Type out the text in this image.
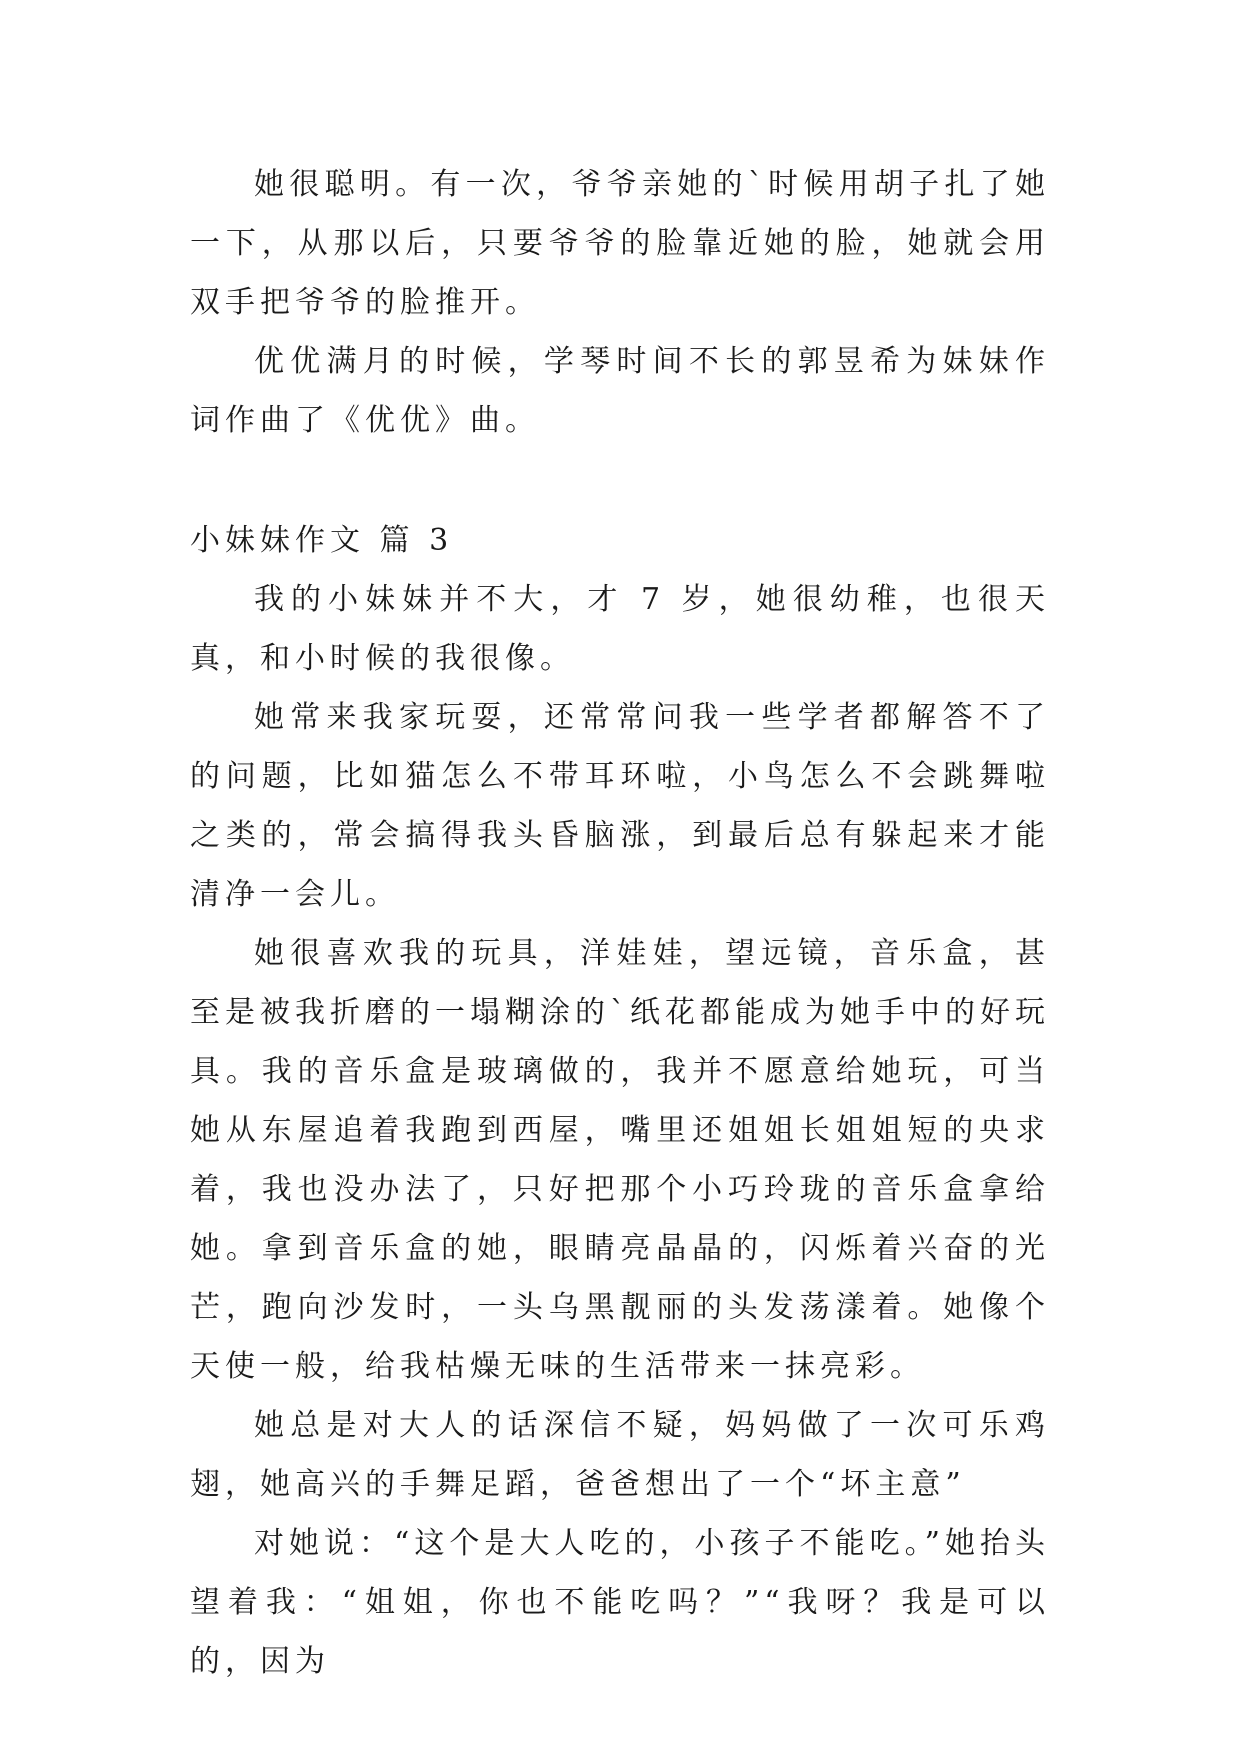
她很聪明。有一次，爷爷亲她的`时候用胡子扎了她一下，从那以后，只要爷爷的脸靠近她的脸，她就会用双手把爷爷的脸推开。

优优满月的时候，学琴时间不长的郭昱希为妹妹作词作曲了《优优》曲。

小妹妹作文 篇 3

我的小妹妹并不大，才 7 岁，她很幼稚，也很天真，和小时候的我很像。

她常来我家玩耍，还常常问我一些学者都解答不了的问题，比如猫怎么不带耳环啦，小鸟怎么不会跳舞啦之类的，常会搞得我头昏脑涨，到最后总有躲起来才能清净一会儿。

她很喜欢我的玩具，洋娃娃，望远镜，音乐盒，甚至是被我折磨的一塌糊涂的`纸花都能成为她手中的好玩具。我的音乐盒是玻璃做的，我并不愿意给她玩，可当她从东屋追着我跑到西屋，嘴里还姐姐长姐姐短的央求着，我也没办法了，只好把那个小巧玲珑的音乐盒拿给她。拿到音乐盒的她，眼睛亮晶晶的，闪烁着兴奋的光芒，跑向沙发时，一头乌黑靓丽的头发荡漾着。她像个天使一般，给我枯燥无味的生活带来一抹亮彩。

她总是对大人的话深信不疑，妈妈做了一次可乐鸡翅，她高兴的手舞足蹈，爸爸想出了一个“坏主意”

对她说：“这个是大人吃的，小孩子不能吃。”她抬头望着我：“姐姐，你也不能吃吗？”“我呀？我是可以的，因为
